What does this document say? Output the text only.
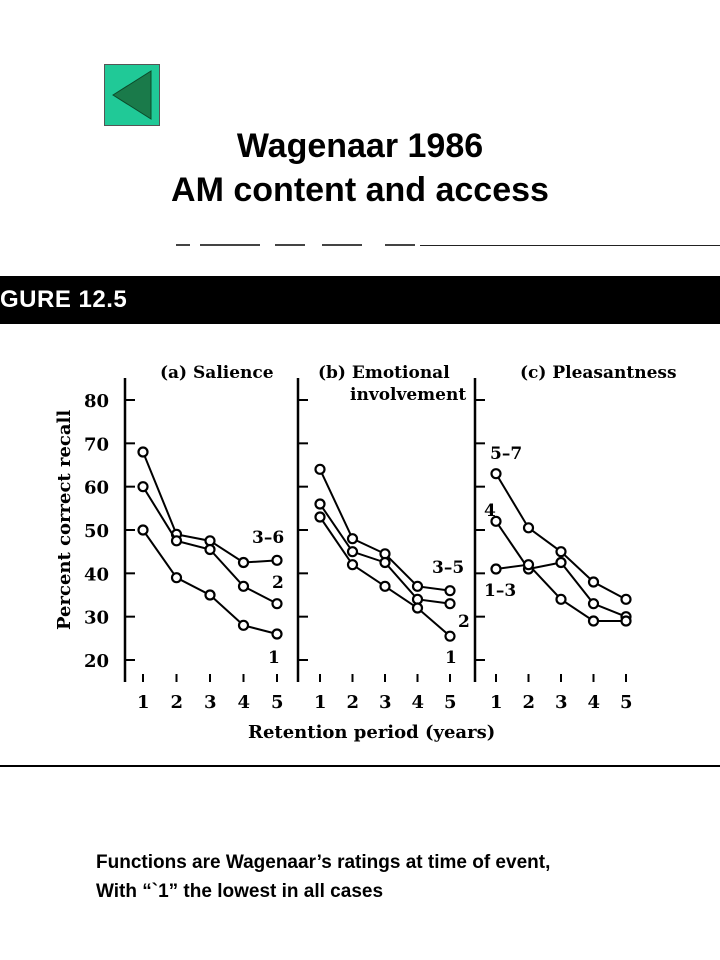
Wagenaar 1986
AM content and access
GURE 12.5
20
30
40
50
60
70
80
Percent correct recall
Retention period (years)
1 2 3 4 5
(a) Salience
1 2 3 4 5
(b) Emotional
involvement
1 2 3 4 5
(c) Pleasantness
3–6
2
1
3–5
2
1
5–7
4
1–3
Functions are Wagenaar’s ratings at time of event,
With “`1” the lowest in all cases
